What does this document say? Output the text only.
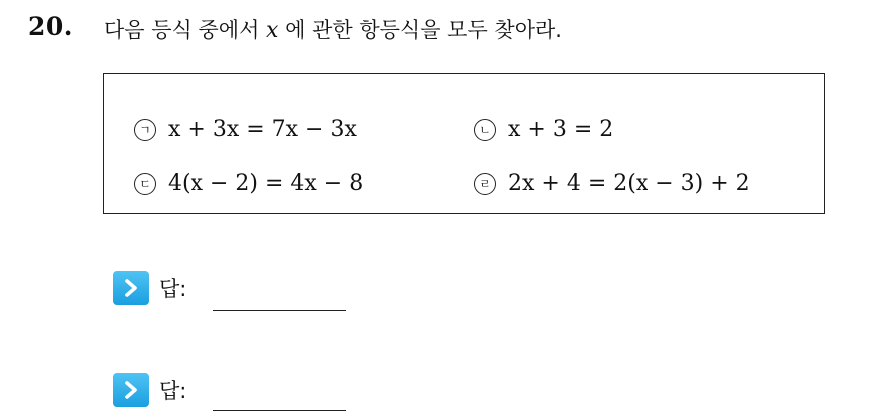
20. 다음 등식 중에서 x 에 관한 항등식을 모두 찾아라.
ㄱ x + 3x = 7x − 3x	ㄴ x + 3 = 2
ㄷ 4(x − 2) = 4x − 8	ㄹ 2x + 4 = 2(x − 3) + 2
답:
답:
